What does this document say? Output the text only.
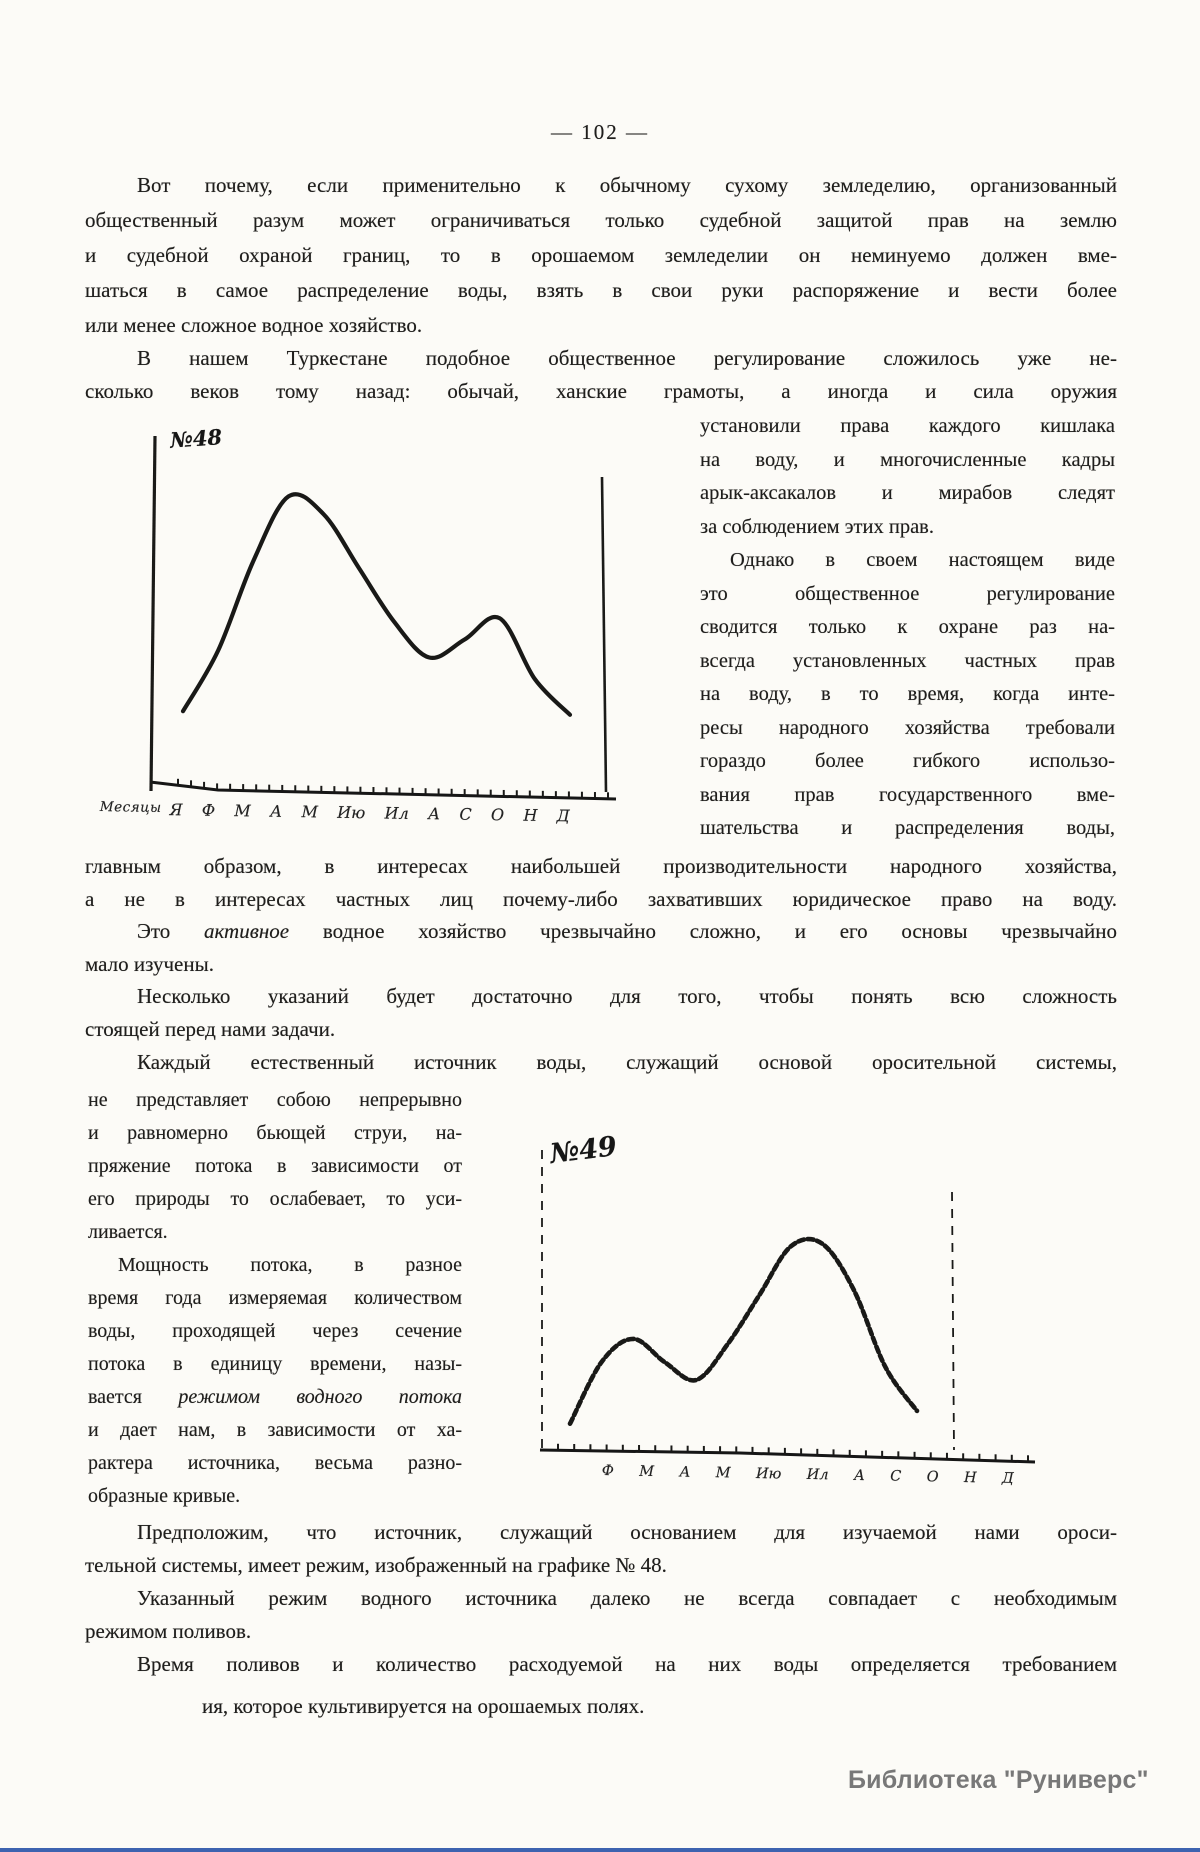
— 102 —
Вот почему, если применительно к обычному сухому земледелию, организованный
общественный разум может ограничиваться только судебной защитой прав на землю
и судебной охраной границ, то в орошаемом земледелии он неминуемо должен вме-
шаться в самое распределение воды, взять в свои руки распоряжение и вести более
или менее сложное водное хозяйство.
В нашем Туркестане подобное общественное регулирование сложилось уже не-
сколько веков тому назад: обычай, ханские грамоты, а иногда и сила оружия
№48
Месяцы Я Ф М А М Ию Ил А С О Н Д
установили права каждого кишлака
на воду, и многочисленные кадры
арык-аксакалов и мирабов следят
за соблюдением этих прав.
Однако в своем настоящем виде
это общественное регулирование
сводится только к охране раз на-
всегда установленных частных прав
на воду, в то время, когда инте-
ресы народного хозяйства требовали
гораздо более гибкого использо-
вания прав государственного вме-
шательства и распределения воды,
главным образом, в интересах наибольшей производительности народного хозяйства,
а не в интересах частных лиц почему-либо захвативших юридическое право на воду.
Это активное водное хозяйство чрезвычайно сложно, и его основы чрезвычайно
мало изучены.
Несколько указаний будет достаточно для того, чтобы понять всю сложность
стоящей перед нами задачи.
Каждый естественный источник воды, служащий основой оросительной системы,
не представляет собою непрерывно
и равномерно бьющей струи, на-
пряжение потока в зависимости от
его природы то ослабевает, то уси-
ливается.
Мощность потока, в разное
время года измеряемая количеством
воды, проходящей через сечение
потока в единицу времени, назы-
вается режимом водного потока
и дает нам, в зависимости от ха-
рактера источника, весьма разно-
образные кривые.
№49
Ф М А М Ию Ил А С О Н Д
Предположим, что источник, служащий основанием для изучаемой нами ороси-
тельной системы, имеет режим, изображенный на графике № 48.
Указанный режим водного источника далеко не всегда совпадает с необходимым
режимом поливов.
Время поливов и количество расходуемой на них воды определяется требованием
ия, которое культивируется на орошаемых полях.
Библиотека "Руниверс"
